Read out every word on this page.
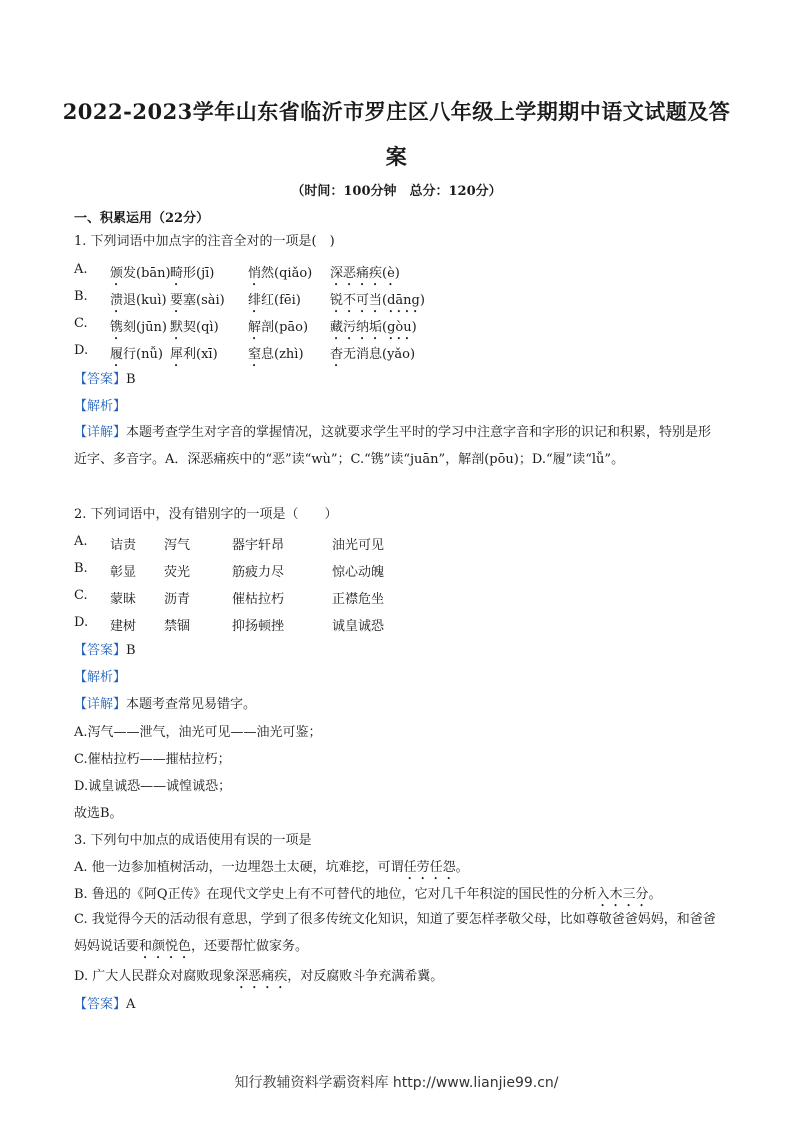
2022-2023学年山东省临沂市罗庄区八年级上学期期中语文试题及答
案
（时间：100分钟　总分：120分）
一、积累运用（22分）
1. 下列词语中加点字的注音全对的一项是(　)
A. 颁发(bān) 畸形(jī)	悄然(qiǎo) 深恶痛疾(è)
B. 溃退(kuì) 要塞(sài) 绯红(fēi) 锐不可当(dāng)
C. 镌刻(jūn) 默契(qì) 解剖(pāo) 藏污纳垢(gòu)
D. 履行(nǚ) 犀利(xī) 窒息(zhì) 杳无消息(yǎo)
【答案】B
【解析】
【详解】本题考查学生对字音的掌握情况，这就要求学生平时的学习中注意字音和字形的识记和积累，特别是形近字、多音字。A．深恶痛疾中的“恶”读“wù”；C.“镌”读“juān”，解剖(pōu)；D.“履”读“lǚ”。
2. 下列词语中，没有错别字的一项是（　　）
A. 诘责 泻气	器宇轩昂	油光可见
B. 彰显 荧光	筋疲力尽	惊心动魄
C. 蒙昧 沥青	催枯拉朽	正襟危坐
D. 建树 禁锢	抑扬顿挫	诚皇诚恐
【答案】B
【解析】
【详解】本题考查常见易错字。
A.泻气——泄气，油光可见——油光可鉴；
C.催枯拉朽——摧枯拉朽；
D.诚皇诚恐——诚惶诚恐；
故选B。
3. 下列句中加点的成语使用有误的一项是
A. 他一边参加植树活动，一边埋怨土太硬，坑难挖，可谓任劳任怨。
B. 鲁迅的《阿Q正传》在现代文学史上有不可替代的地位，它对几千年积淀的国民性的分析入木三分。
C. 我觉得今天的活动很有意思，学到了很多传统文化知识，知道了要怎样孝敬父母，比如尊敬爸爸妈妈，和爸爸妈妈说话要和颜悦色，还要帮忙做家务。
D. 广大人民群众对腐败现象深恶痛疾，对反腐败斗争充满希冀。
【答案】A
知行教辅资料学霸资料库 http://www.lianjie99.cn/
